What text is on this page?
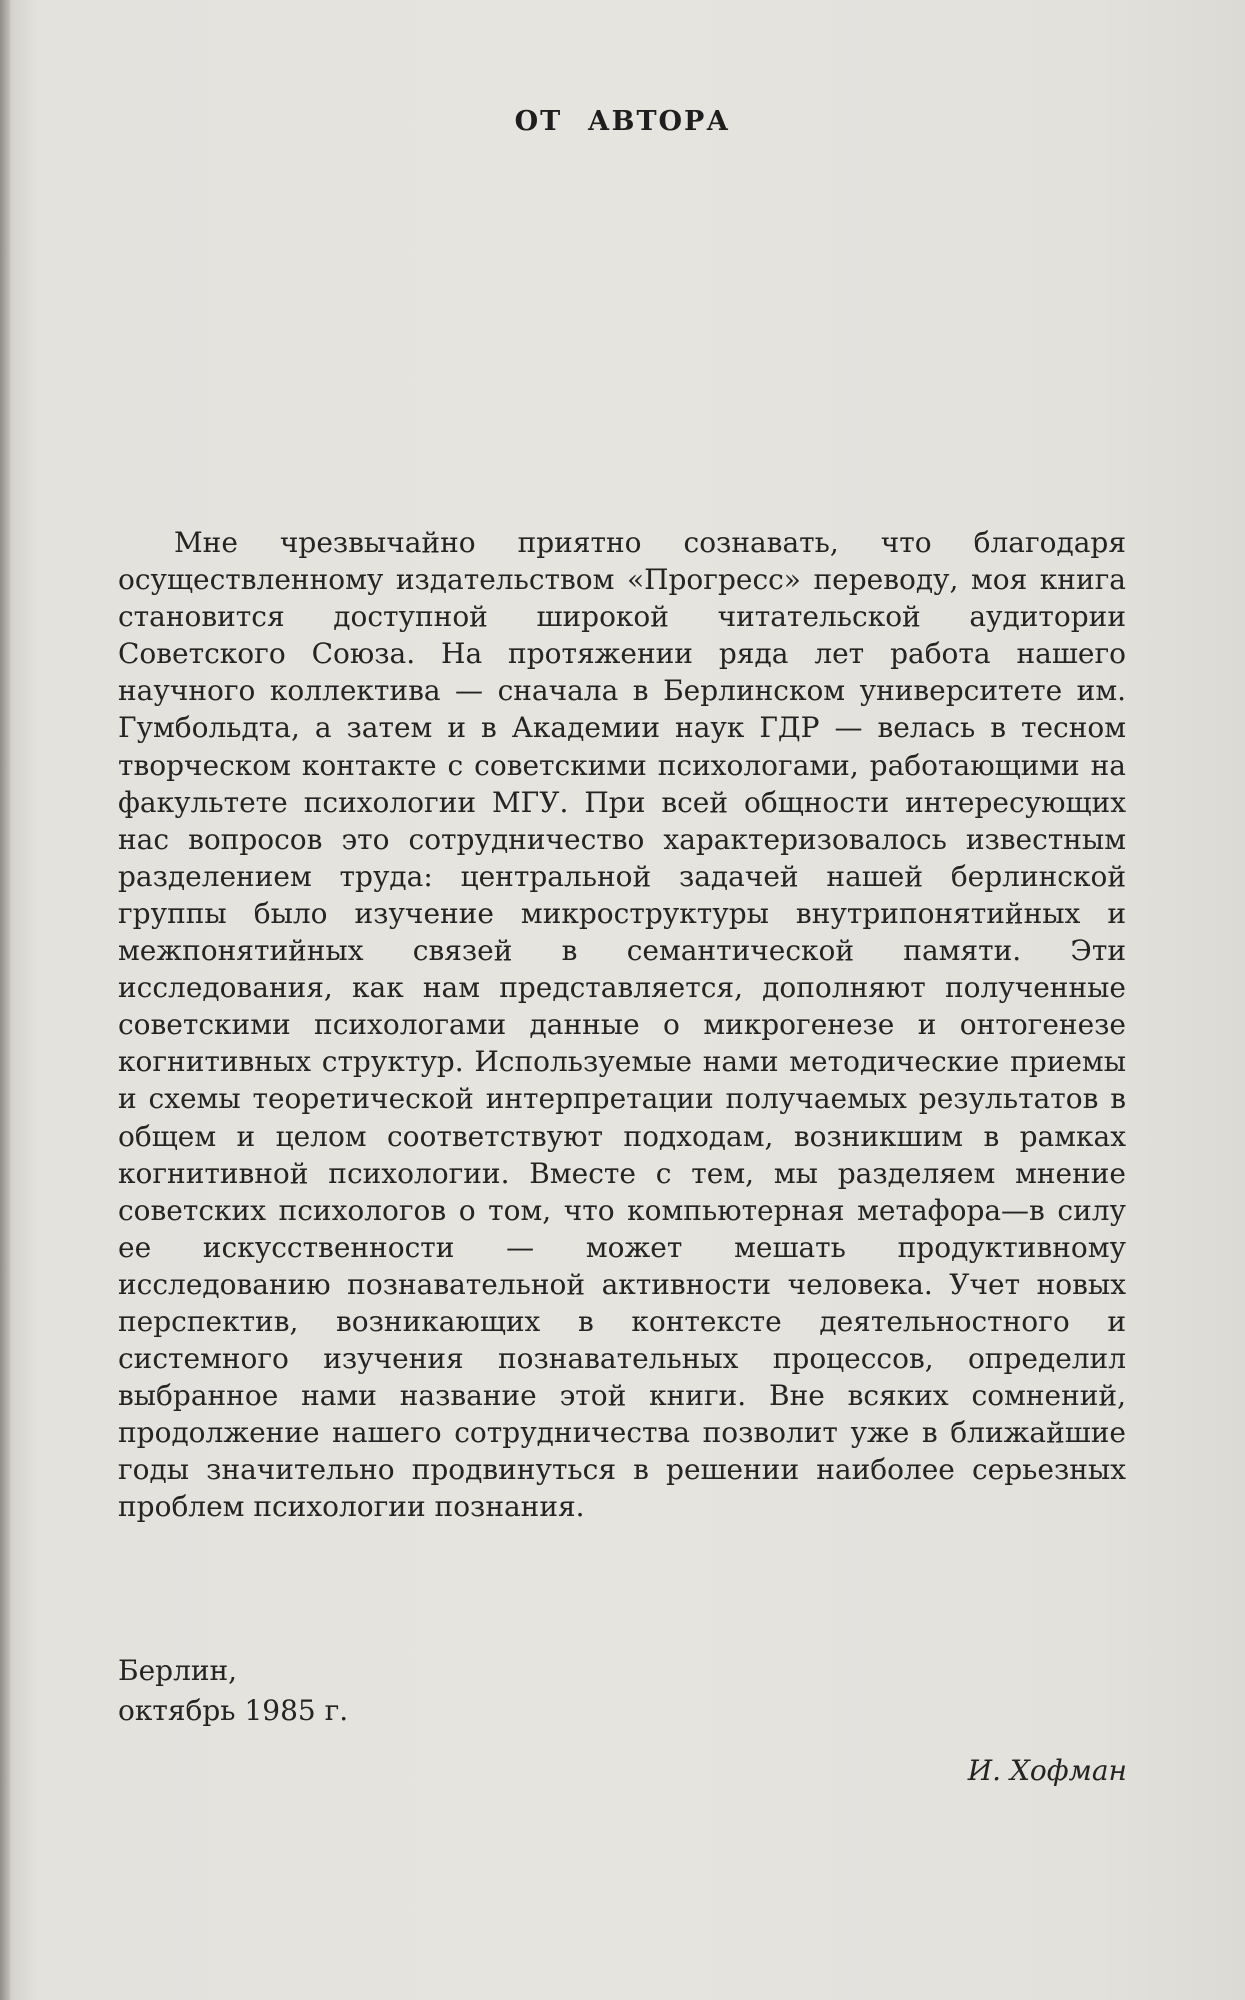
ОТ АВТОРА

Мне чрезвычайно приятно сознавать, что благодаря осуществленному издательством «Прогресс» переводу, моя книга становится доступной широкой читательской аудитории Советского Союза. На протяжении ряда лет работа нашего научного коллектива — сначала в Берлинском университете им. Гумбольдта, а затем и в Академии наук ГДР — велась в тесном творческом контакте с советскими психологами, работающими на факультете психологии МГУ. При всей общности интересующих нас вопросов это сотрудничество характеризовалось известным разделением труда: центральной задачей нашей берлинской группы было изучение микроструктуры внутрипонятийных и межпонятийных связей в семантической памяти. Эти исследования, как нам представляется, дополняют полученные советскими психологами данные о микрогенезе и онтогенезе когнитивных структур. Используемые нами методические приемы и схемы теоретической интерпретации получаемых результатов в общем и целом соответствуют подходам, возникшим в рамках когнитивной психологии. Вместе с тем, мы разделяем мнение советских психологов о том, что компьютерная метафора—в силу ее искусственности — может мешать продуктивному исследованию познавательной активности человека. Учет новых перспектив, возникающих в контексте деятельностного и системного изучения познавательных процессов, определил выбранное нами название этой книги. Вне всяких сомнений, продолжение нашего сотрудничества позволит уже в ближайшие годы значительно продвинуться в решении наиболее серьезных проблем психологии познания.

Берлин,
октябрь 1985 г.
И. Хофман
